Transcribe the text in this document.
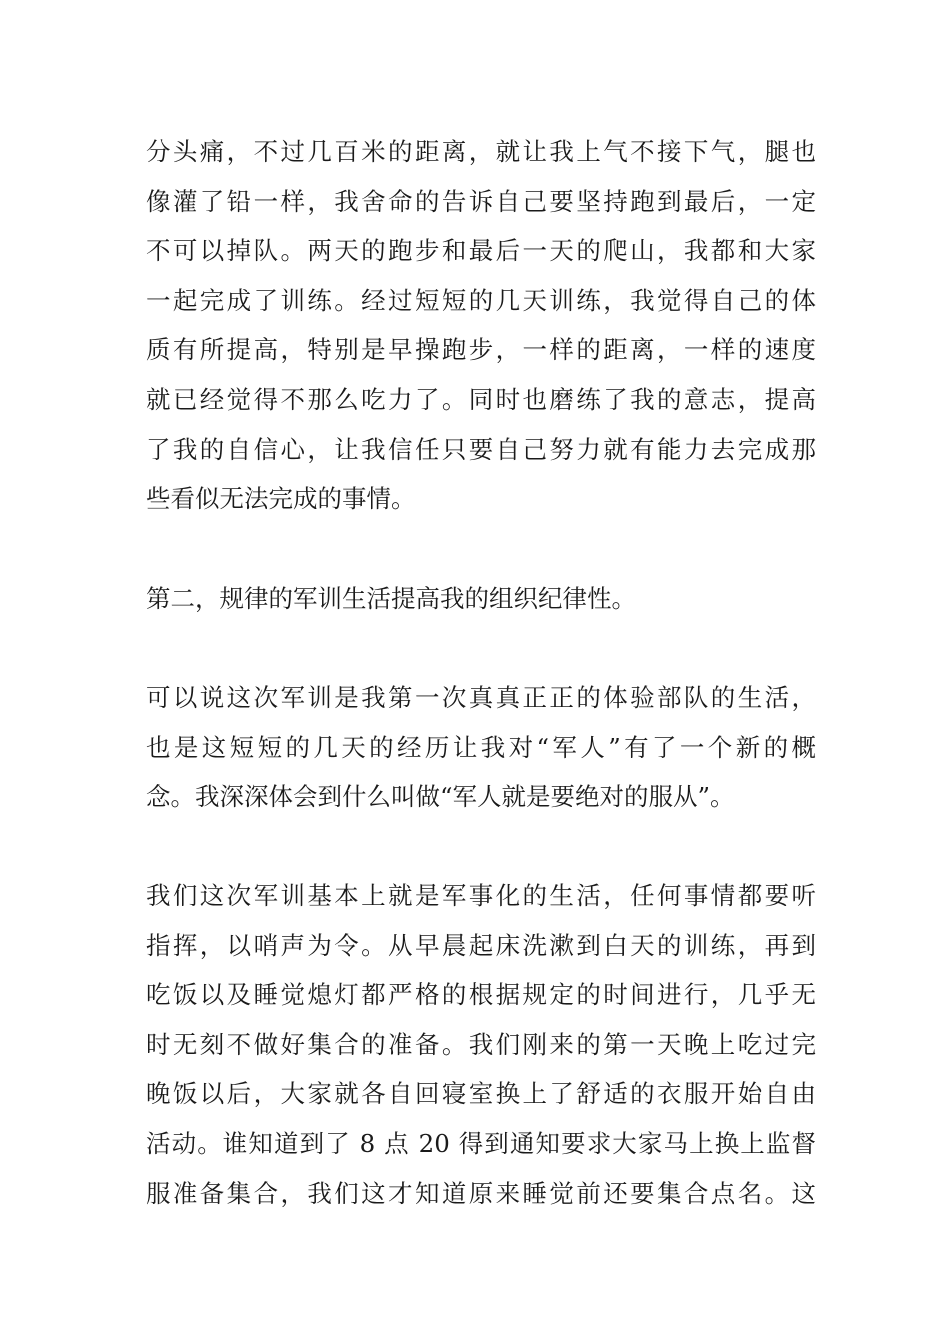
分头痛，不过几百米的距离，就让我上气不接下气，腿也
像灌了铅一样，我舍命的告诉自己要坚持跑到最后，一定
不可以掉队。两天的跑步和最后一天的爬山，我都和大家
一起完成了训练。经过短短的几天训练，我觉得自己的体
质有所提高，特别是早操跑步，一样的距离，一样的速度
就已经觉得不那么吃力了。同时也磨练了我的意志，提高
了我的自信心，让我信任只要自己努力就有能力去完成那
些看似无法完成的事情。
第二，规律的军训生活提高我的组织纪律性。
可以说这次军训是我第一次真真正正的体验部队的生活，
也是这短短的几天的经历让我对“军人”有了一个新的概
念。我深深体会到什么叫做“军人就是要绝对的服从”。
我们这次军训基本上就是军事化的生活，任何事情都要听
指挥，以哨声为令。从早晨起床洗漱到白天的训练，再到
吃饭以及睡觉熄灯都严格的根据规定的时间进行，几乎无
时无刻不做好集合的准备。我们刚来的第一天晚上吃过完
晚饭以后，大家就各自回寝室换上了舒适的衣服开始自由
活动。谁知道到了 8 点 20 得到通知要求大家马上换上监督
服准备集合，我们这才知道原来睡觉前还要集合点名。这
